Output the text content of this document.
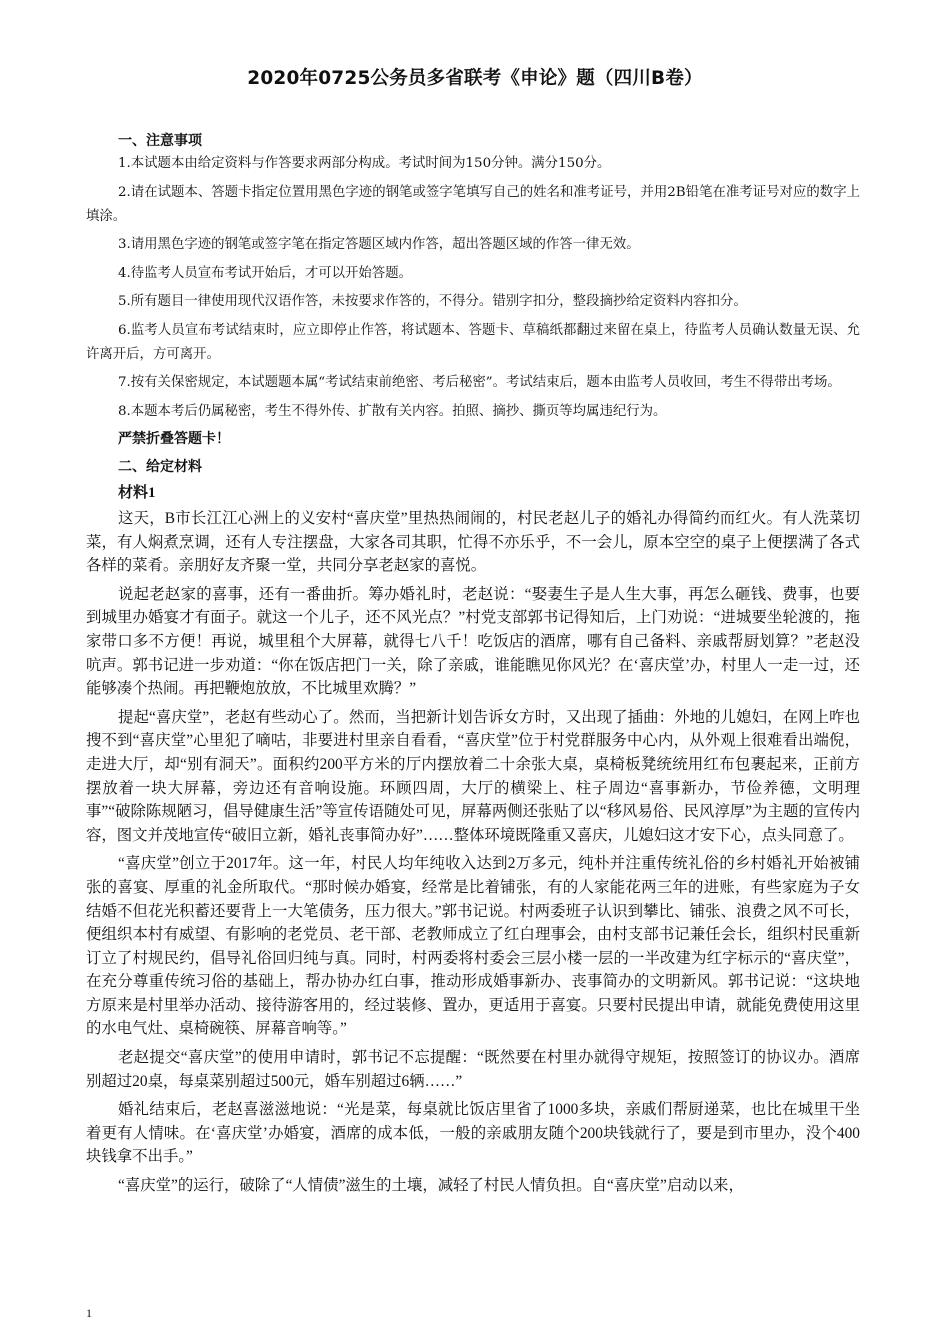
2020年0725公务员多省联考《申论》题（四川B卷）
一、注意事项

1.本试题本由给定资料与作答要求两部分构成。考试时间为150分钟。满分150分。

2.请在试题本、答题卡指定位置用黑色字迹的钢笔或签字笔填写自己的姓名和准考证号，并用2B铅笔在准考证号对应的数字上填涂。

3.请用黑色字迹的钢笔或签字笔在指定答题区域内作答，超出答题区域的作答一律无效。

4.待监考人员宣布考试开始后，才可以开始答题。

5.所有题目一律使用现代汉语作答，未按要求作答的，不得分。错别字扣分，整段摘抄给定资料内容扣分。

6.监考人员宣布考试结束时，应立即停止作答，将试题本、答题卡、草稿纸都翻过来留在桌上，待监考人员确认数量无误、允许离开后，方可离开。

7.按有关保密规定，本试题题本属“考试结束前绝密、考后秘密”。考试结束后，题本由监考人员收回，考生不得带出考场。

8.本题本考后仍属秘密，考生不得外传、扩散有关内容。拍照、摘抄、撕页等均属违纪行为。

严禁折叠答题卡！
二、给定材料
材料1

这天，B市长江江心洲上的义安村“喜庆堂”里热热闹闹的，村民老赵儿子的婚礼办得简约而红火。有人洗菜切菜，有人焖煮烹调，还有人专注摆盘，大家各司其职，忙得不亦乐乎，不一会儿，原本空空的桌子上便摆满了各式各样的菜肴。亲朋好友齐聚一堂，共同分享老赵家的喜悦。

说起老赵家的喜事，还有一番曲折。筹办婚礼时，老赵说：“娶妻生子是人生大事，再怎么砸钱、费事，也要到城里办婚宴才有面子。就这一个儿子，还不风光点？”村党支部郭书记得知后，上门劝说：“进城要坐轮渡的，拖家带口多不方便！再说，城里租个大屏幕，就得七八千！吃饭店的酒席，哪有自己备料、亲戚帮厨划算？”老赵没吭声。郭书记进一步劝道：“你在饭店把门一关，除了亲戚，谁能瞧见你风光？在‘喜庆堂’办，村里人一走一过，还能够凑个热闹。再把鞭炮放放，不比城里欢腾？”

提起“喜庆堂”，老赵有些动心了。然而，当把新计划告诉女方时，又出现了插曲：外地的儿媳妇，在网上咋也搜不到“喜庆堂”心里犯了嘀咕，非要进村里亲自看看，“喜庆堂”位于村党群服务中心内，从外观上很难看出端倪，走进大厅，却“别有洞天”。面积约200平方米的厅内摆放着二十余张大桌，桌椅板凳统统用红布包裹起来，正前方摆放着一块大屏幕，旁边还有音响设施。环顾四周，大厅的横梁上、柱子周边“喜事新办，节俭养德，文明理事”“破除陈规陋习，倡导健康生活”等宣传语随处可见，屏幕两侧还张贴了以“移风易俗、民风淳厚”为主题的宣传内容，图文并茂地宣传“破旧立新，婚礼丧事简办好”……整体环境既隆重又喜庆，儿媳妇这才安下心，点头同意了。

“喜庆堂”创立于2017年。这一年，村民人均年纯收入达到2万多元，纯朴并注重传统礼俗的乡村婚礼开始被铺张的喜宴、厚重的礼金所取代。“那时候办婚宴，经常是比着铺张，有的人家能花两三年的进账，有些家庭为子女结婚不但花光积蓄还要背上一大笔债务，压力很大。”郭书记说。村两委班子认识到攀比、铺张、浪费之风不可长，便组织本村有威望、有影响的老党员、老干部、老教师成立了红白理事会，由村支部书记兼任会长，组织村民重新订立了村规民约，倡导礼俗回归纯与真。同时，村两委将村委会三层小楼一层的一半改建为红字标示的“喜庆堂”，在充分尊重传统习俗的基础上，帮办协办红白事，推动形成婚事新办、丧事简办的文明新风。郭书记说：“这块地方原来是村里举办活动、接待游客用的，经过装修、置办，更适用于喜宴。只要村民提出申请，就能免费使用这里的水电气灶、桌椅碗筷、屏幕音响等。”

老赵提交“喜庆堂”的使用申请时，郭书记不忘提醒：“既然要在村里办就得守规矩，按照签订的协议办。酒席别超过20桌，每桌菜别超过500元，婚车别超过6辆……”

婚礼结束后，老赵喜滋滋地说：“光是菜，每桌就比饭店里省了1000多块，亲戚们帮厨递菜，也比在城里干坐着更有人情味。在‘喜庆堂’办婚宴，酒席的成本低，一般的亲戚朋友随个200块钱就行了，要是到市里办，没个400块钱拿不出手。”

“喜庆堂”的运行，破除了“人情债”滋生的土壤，减轻了村民人情负担。自“喜庆堂”启动以来，

1
